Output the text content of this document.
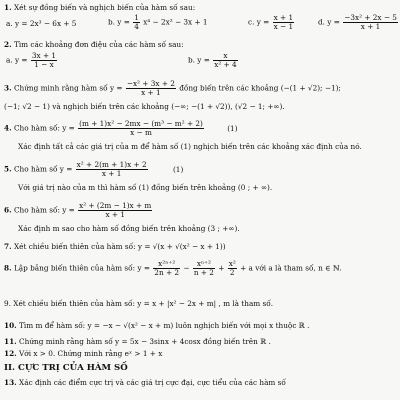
1. Xét sự đồng biến và nghịch biến của hàm số sau:
a. y = 2x³ − 6x + 5	b. $y = \frac{1}{4} x^4 - 2x^2 - 3x + 1$	c. $y = \frac{x + 1}{x - 1}$	d. $y = \frac{\text{−3x² + 2x − 5}}{x + 1}$
2. Tìm các khoảng đơn điệu của các hàm số sau:
a. $y = \frac{3x + 1}{1 - x}$	b. $y = \frac{x}{\text{x² + 4}}$
3. Chứng minh rằng hàm số $y = \frac{\text{−x² + 3x + 2}}{x + 1}$ đồng biến trên các khoảng (−(1 + √2); −1);
(−1; √2 − 1) và nghịch biến trên các khoảng (−∞; −(1 + √2)), (√2 − 1; +∞).
4. Cho hàm số: $y = \frac{\text{(m + 1)x² − 2mx − (m³ − m² + 2)}}{x - m}$	(1)
Xác định tất cả các giá trị của m để hàm số (1) nghịch biến trên các khoảng xác định của nó.
5. Cho hàm số $y = \frac{\text{x² + 2(m + 1)x + 2}}{x + 1}$	(1)
Với giá trị nào của m thì hàm số (1) đồng biến trên khoảng (0 ; + ∞).
6. Cho hàm số: $y = \frac{\text{x² + (2m − 1)x + m}}{x + 1}$
Xác định m sao cho hàm số đồng biến trên khoảng (3 ; +∞).
7. Xét chiều biến thiên của hàm số: y = √(x + √(x² − x + 1))
8. Lập bảng biến thiên của hàm số: $y = \frac{\text{x²ⁿ⁺²}}{2n + 2} - \frac{\text{xⁿ⁺²}}{n + 2} + \frac{\text{x²}}{2} + a$ với a là tham số, n ∈ ℕ.
9. Xét chiều biến thiên của hàm số: y = x + |x² − 2x + m| , m là tham số.
10. Tìm m để hàm số: y = −x − √(x² − x + m) luôn nghịch biến với mọi x thuộc ℝ .
11. Chứng minh rằng hàm số y = 5x − 3sinx + 4cosx đồng biến trên ℝ .
12. Với x > 0. Chứng minh rằng eˣ > 1 + x
II. CỰC TRỊ CỦA HÀM SỐ
13. Xác định các điểm cực trị và các giá trị cực đại, cực tiểu của các hàm số
